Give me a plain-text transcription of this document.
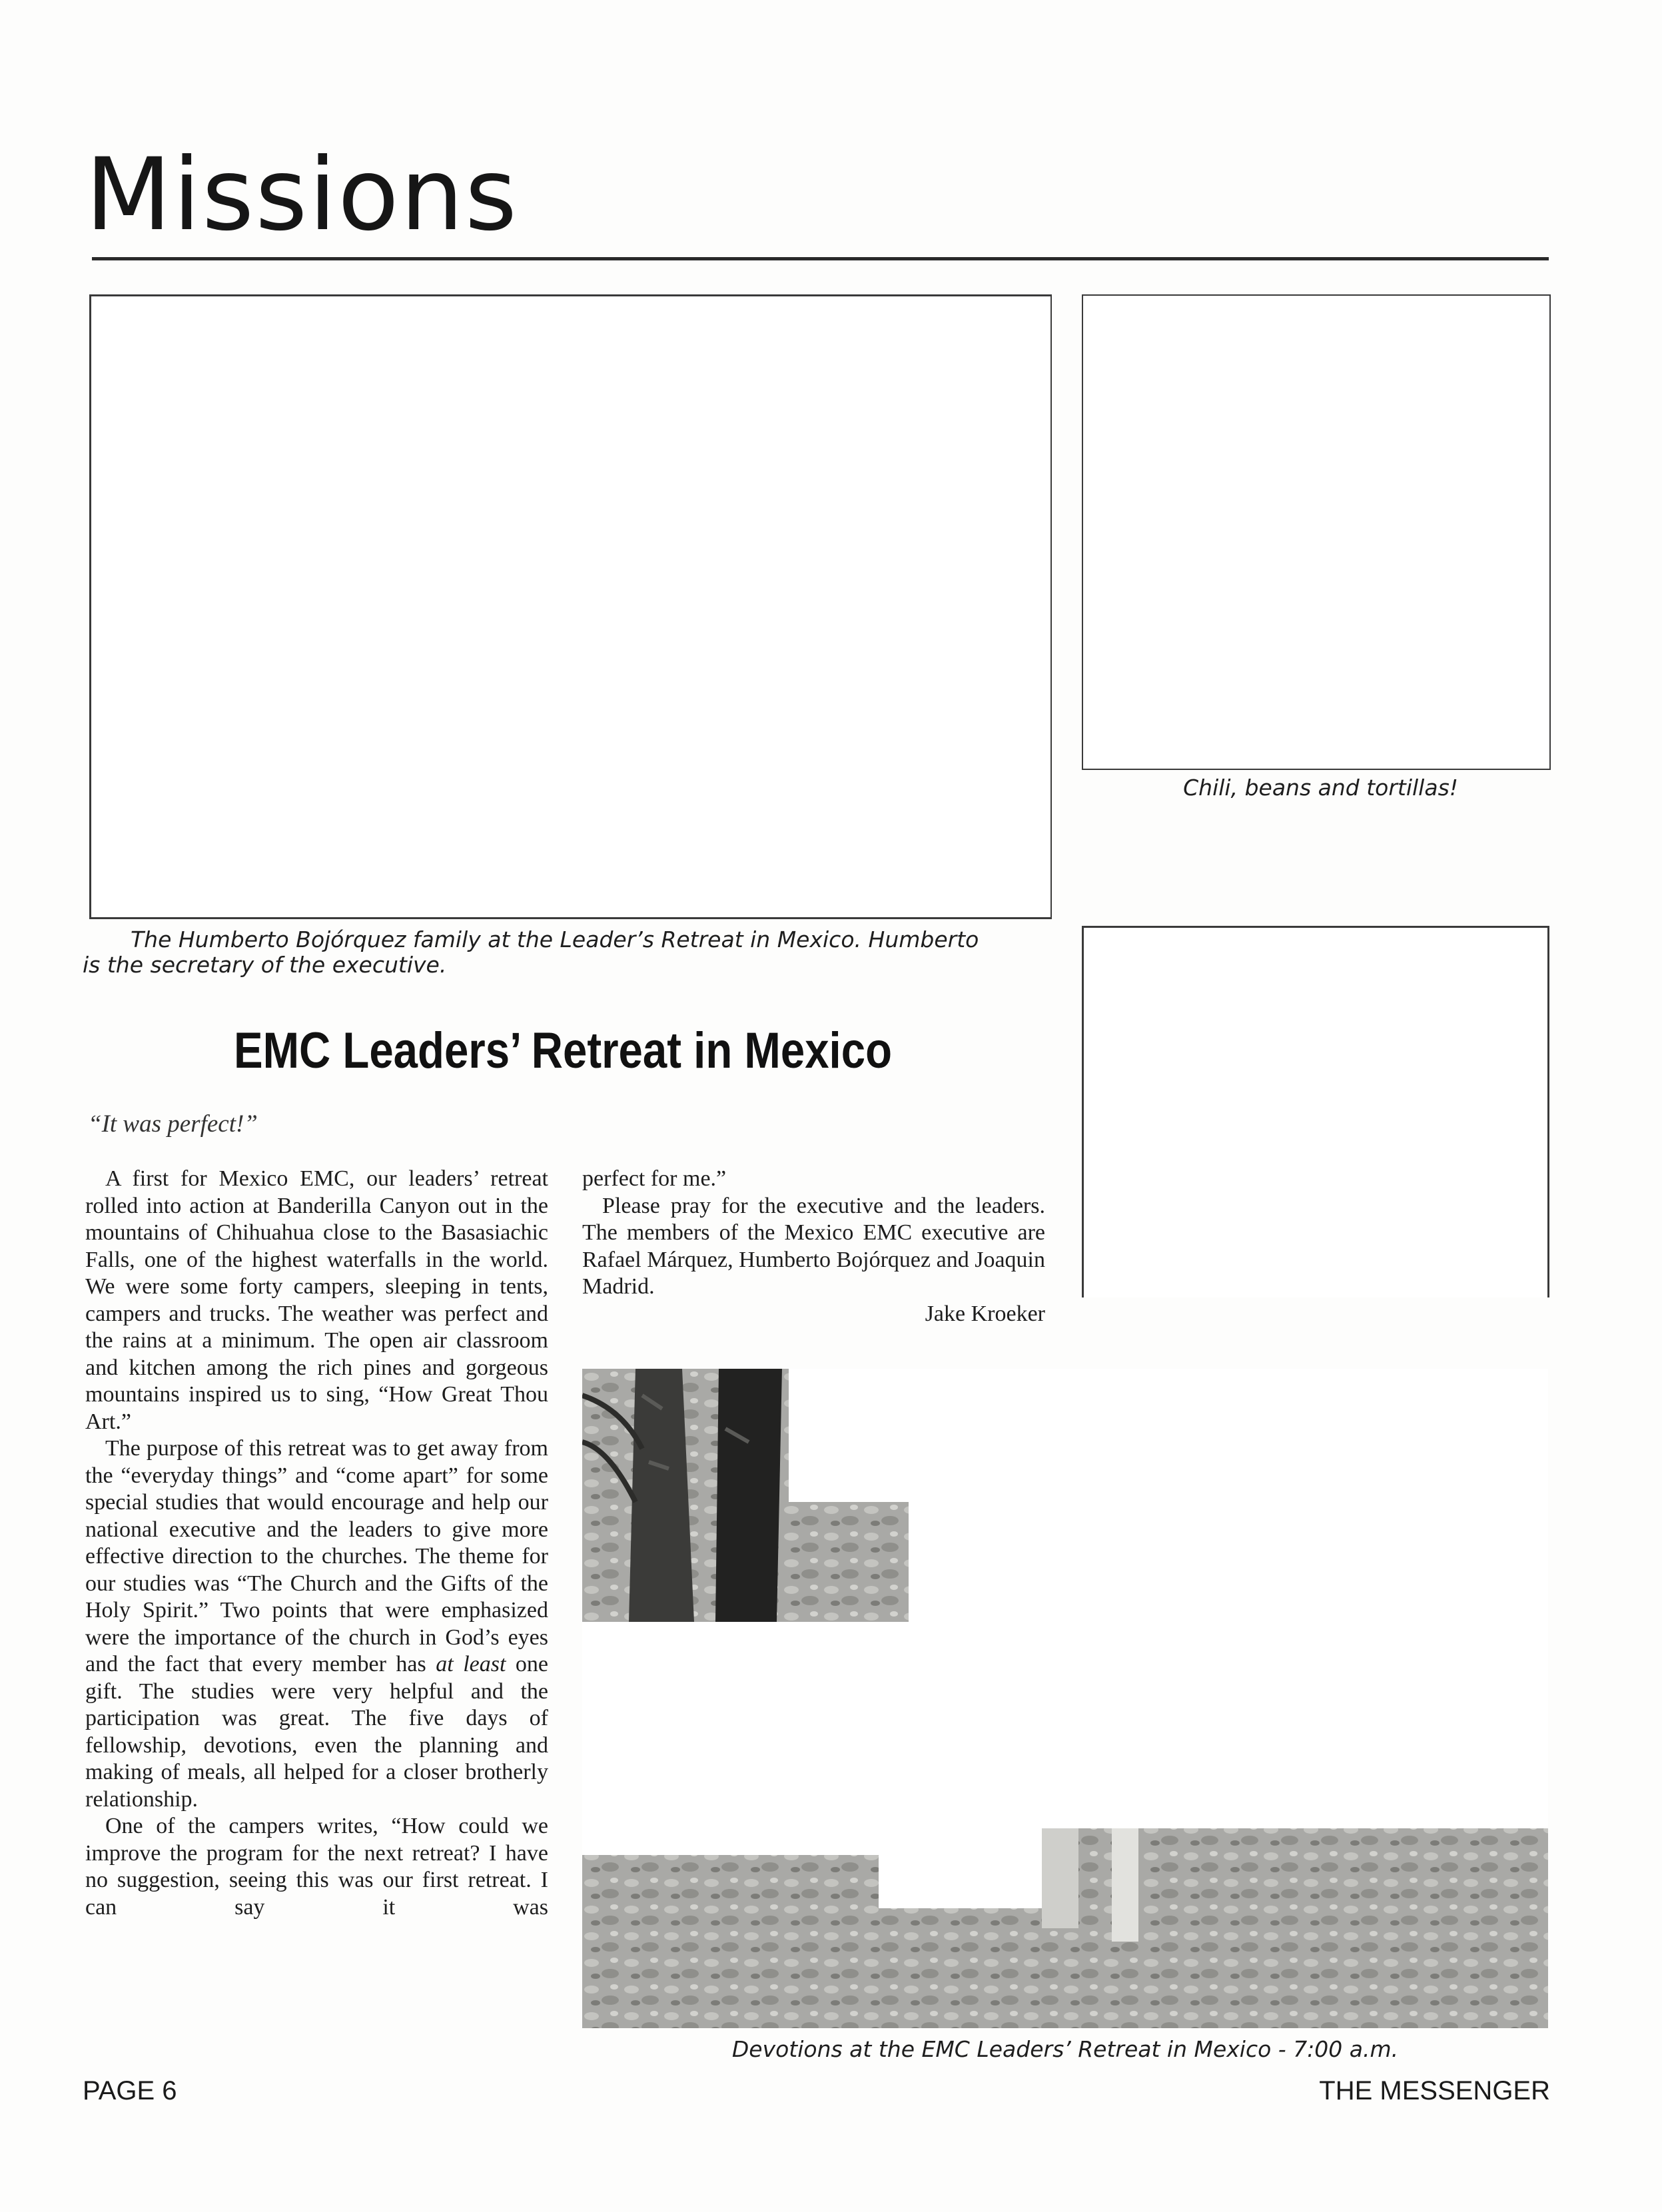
Missions
The Humberto Bojórquez family at the Leader’s Retreat in Mexico. Humberto
is the secretary of the executive.
Chili, beans and tortillas!
EMC Leaders’ Retreat in Mexico
“It was perfect!”

A first for Mexico EMC, our leaders’ retreat rolled into action at Banderilla Canyon out in the mountains of Chihuahua close to the Basasiachic Falls, one of the highest waterfalls in the world. We were some forty campers, sleeping in tents, campers and trucks. The weather was perfect and the rains at a minimum. The open air classroom and kitchen among the rich pines and gorgeous mountains inspired us to sing, “How Great Thou Art.”

The purpose of this retreat was to get away from the “everyday things” and “come apart” for some special studies that would encourage and help our national executive and the leaders to give more effective direction to the churches. The theme for our studies was “The Church and the Gifts of the Holy Spirit.” Two points that were emphasized were the importance of the church in God’s eyes and the fact that every member has at least one gift. The studies were very helpful and the participation was great. The five days of fellowship, devotions, even the planning and making of meals, all helped for a closer brotherly relationship.

One of the campers writes, “How could we improve the program for the next retreat? I have no suggestion, seeing this was our first retreat. I can say it was

perfect for me.”

Please pray for the executive and the leaders. The members of the Mexico EMC executive are Rafael Márquez, Humberto Bojórquez and Joaquin Madrid.

Jake Kroeker

Devotions at the EMC Leaders’ Retreat in Mexico - 7:00 a.m.
PAGE 6	THE MESSENGER
